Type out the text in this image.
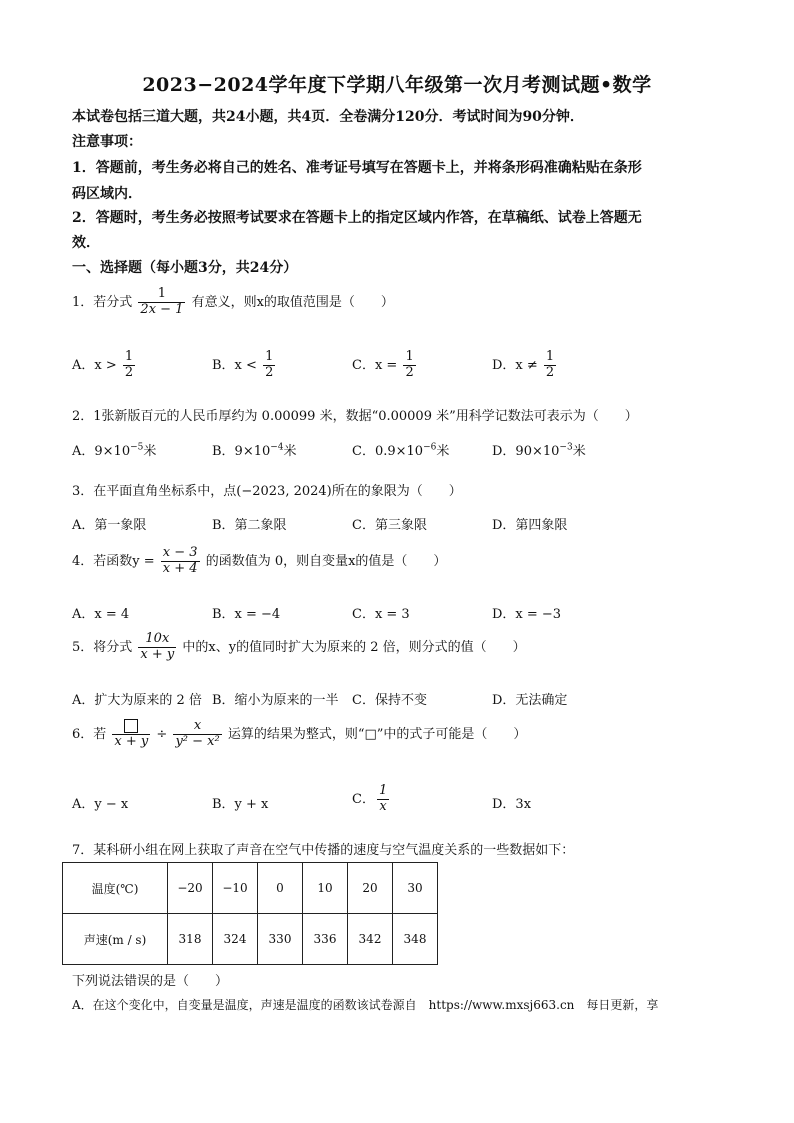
2023−2024学年度下学期八年级第一次月考测试题•数学
本试卷包括三道大题，共24小题，共4页．全卷满分120分．考试时间为90分钟．
注意事项：
1．答题前，考生务必将自己的姓名、准考证号填写在答题卡上，并将条形码准确粘贴在条形
码区域内．
2．答题时，考生务必按照考试要求在答题卡上的指定区域内作答，在草稿纸、试卷上答题无
效．
一、选择题（每小题3分，共24分）
1．若分式 $\frac{1}{2x - 1}$ 有意义，则x的取值范围是（　　）
A．$x > \frac{1}{2}$	B．$x < \frac{1}{2}$	C．$x = \frac{1}{2}$	D．$x \ne \frac{1}{2}$
2．1张新版百元的人民币厚约为 0.00099 米，数据“0.00009 米”用科学记数法可表示为（　　）
A．$9\times 10^{-5}$米	B．$9\times 10^{-4}$米	C．$0.9\times 10^{-6}$米	D．$90\times 10^{-3}$米
3．在平面直角坐标系中，点(−2023, 2024)所在的象限为（　　）
A．第一象限	B．第二象限	C．第三象限	D．第四象限
4．若函数$y = \frac{x - 3}{x + 4}$ 的函数值为 0，则自变量x的值是（　　）
A．x = 4	B．x = −4	C．x = 3	D．x = −3
5．将分式 $\frac{10x}{x + y}$ 中的x、y的值同时扩大为原来的 2 倍，则分式的值（　　）
A．扩大为原来的 2 倍 B．缩小为原来的一半 C．保持不变	D．无法确定
6．若 $x + y \div \frac{x}{\text{y² − x²}}$ 运算的结果为整式，则“□”中的式子可能是（　　）
A．y − x	B．y + x	C． $\frac{1}{x}$	D．3x
7．某科研小组在网上获取了声音在空气中传播的速度与空气温度关系的一些数据如下：
温度(℃)	−20	−10	0	10	20	30
声速(m / s)	318	324	330	336	342	348
下列说法错误的是（　　）
A．在这个变化中，自变量是温度，声速是温度的函数该试卷源自　https://www.mxsj663.cn　每日更新，享
